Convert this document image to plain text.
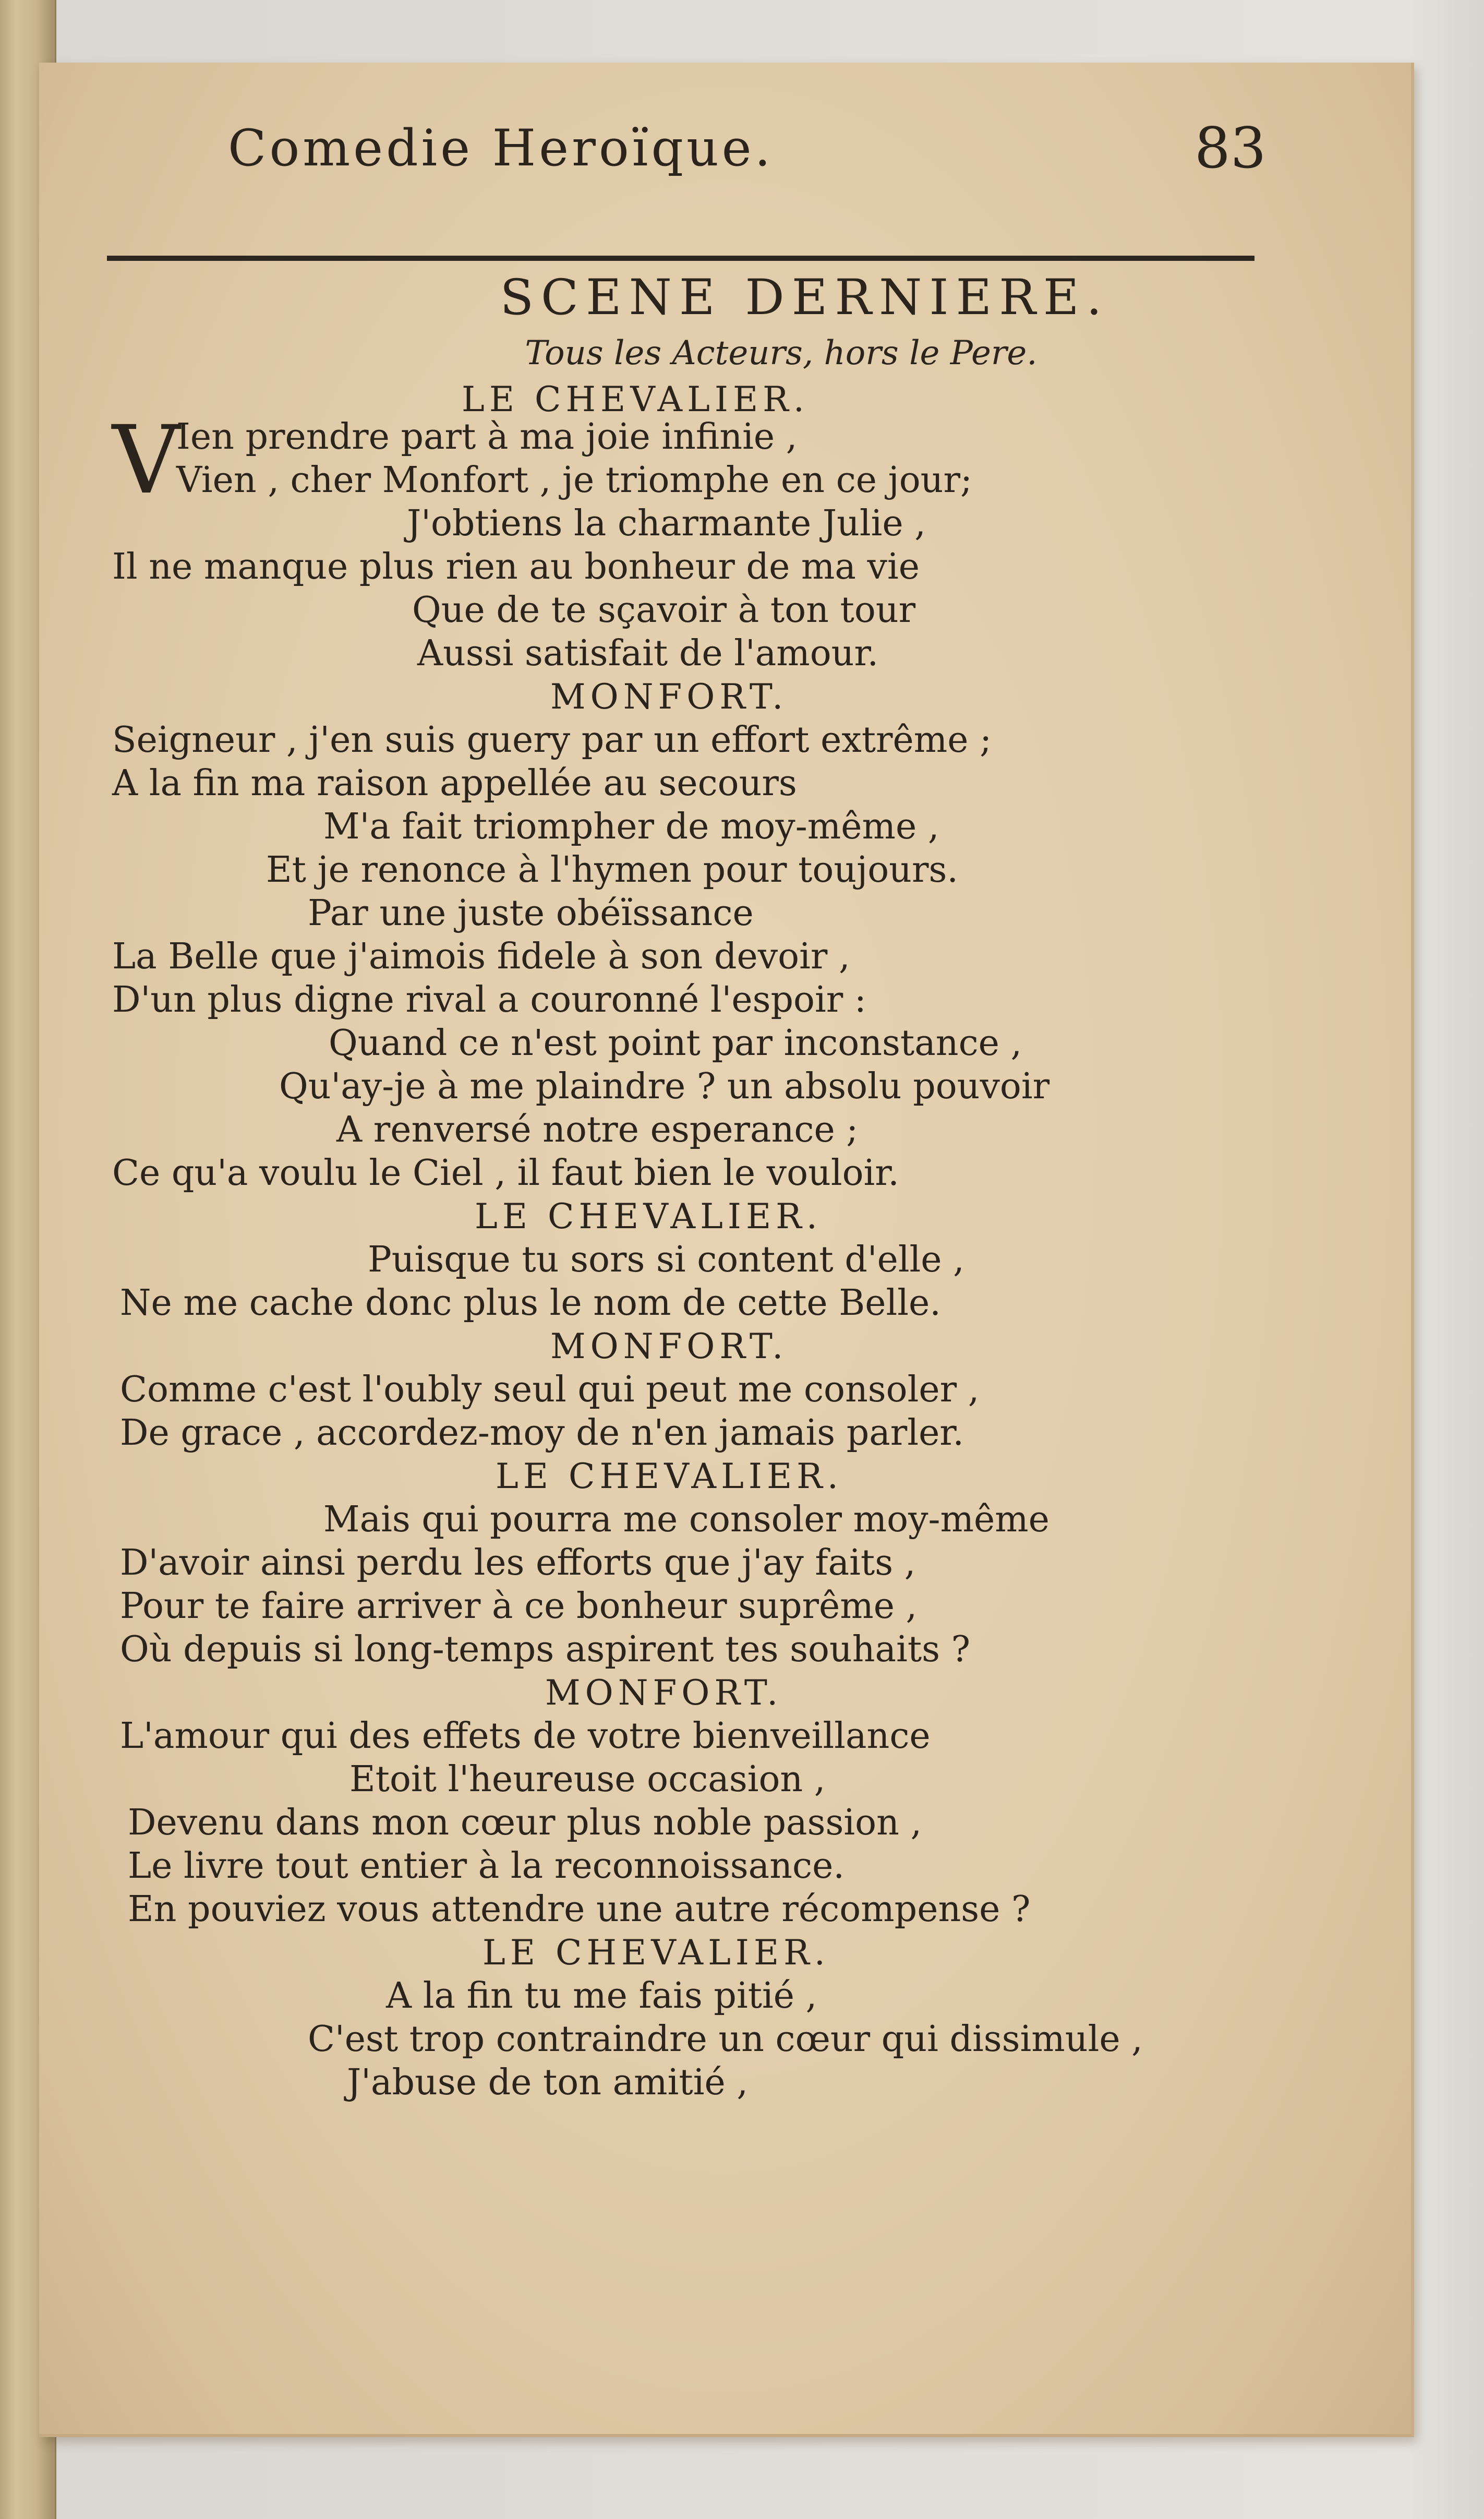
Comedie Heroïque.	83
SCENE DERNIERE.
Tous les Acteurs, hors le Pere.
LE CHEVALIER.
V
Ien prendre part à ma joie infinie ,
Vien , cher Monfort , je triomphe en ce jour;
J'obtiens la charmante Julie ,
Il ne manque plus rien au bonheur de ma vie
Que de te sçavoir à ton tour
Aussi satisfait de l'amour.
MONFORT.
Seigneur , j'en suis guery par un effort extrême ;
A la fin ma raison appellée au secours
M'a fait triompher de moy-même ,
Et je renonce à l'hymen pour toujours.
Par une juste obéïssance
La Belle que j'aimois fidele à son devoir ,
D'un plus digne rival a couronné l'espoir :
Quand ce n'est point par inconstance ,
Qu'ay-je à me plaindre ? un absolu pouvoir
A renversé notre esperance ;
Ce qu'a voulu le Ciel , il faut bien le vouloir.
LE CHEVALIER.
Puisque tu sors si content d'elle ,
Ne me cache donc plus le nom de cette Belle.
MONFORT.
Comme c'est l'oubly seul qui peut me consoler ,
De grace , accordez-moy de n'en jamais parler.
LE CHEVALIER.
Mais qui pourra me consoler moy-même
D'avoir ainsi perdu les efforts que j'ay faits ,
Pour te faire arriver à ce bonheur suprême ,
Où depuis si long-temps aspirent tes souhaits ?
MONFORT.
L'amour qui des effets de votre bienveillance
Etoit l'heureuse occasion ,
Devenu dans mon cœur plus noble passion ,
Le livre tout entier à la reconnoissance.
En pouviez vous attendre une autre récompense ?
LE CHEVALIER.
A la fin tu me fais pitié ,
C'est trop contraindre un cœur qui dissimule ,
J'abuse de ton amitié ,
